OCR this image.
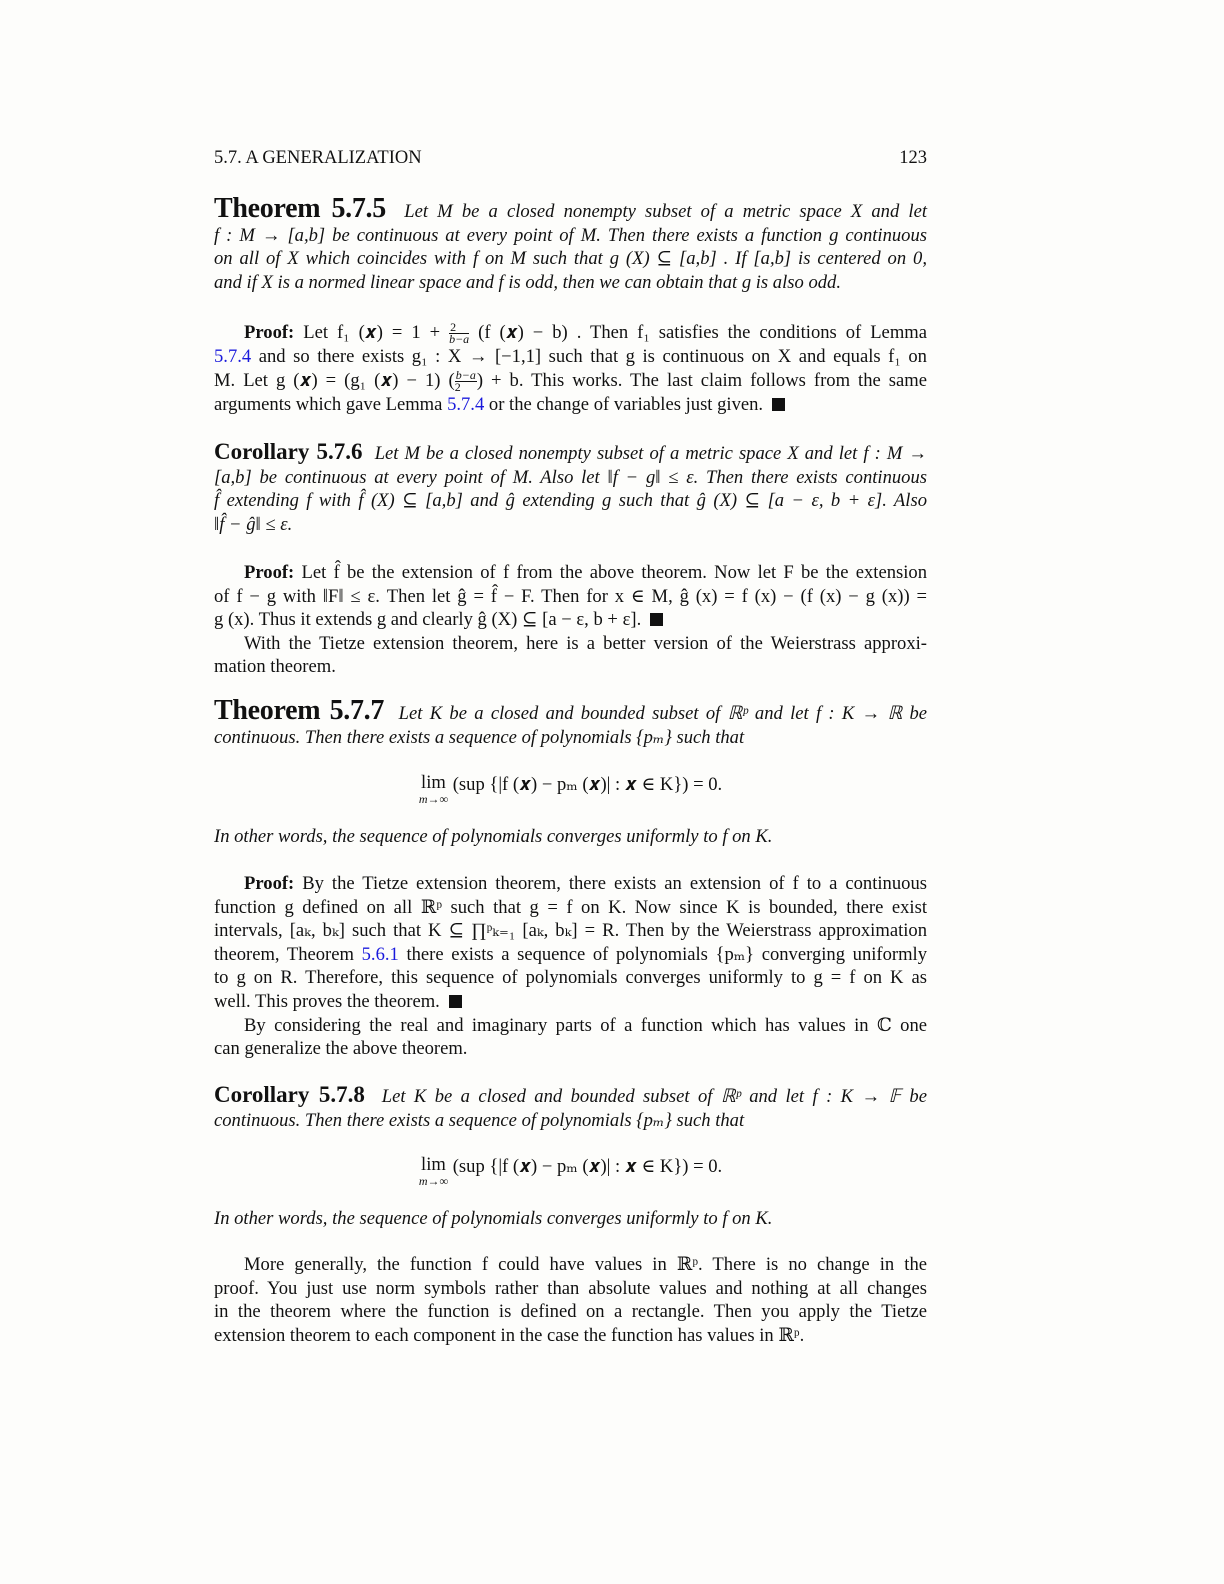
5.7. A GENERALIZATION	123
Theorem 5.7.5 Let M be a closed nonempty subset of a metric space X and let
f : M → [a,b] be continuous at every point of M. Then there exists a function g continuous
on all of X which coincides with f on M such that g (X) ⊆ [a,b] . If [a,b] is centered on 0,
and if X is a normed linear space and f is odd, then we can obtain that g is also odd.
Proof: Let f₁ (𝒙) = $1 + \frac{2}{b-a} (f$ (𝒙) − b) . Then f₁ satisfies the conditions of Lemma
5.7.4 and so there exists g₁ : X → [−1,1] such that g is continuous on X and equals f₁ on
M. Let g (𝒙) = (g₁ (𝒙) − 1) ( $\frac{b-a}{2}$ ) + b. This works. The last claim follows from the same
arguments which gave Lemma 5.7.4 or the change of variables just given.
Corollary 5.7.6 Let M be a closed nonempty subset of a metric space X and let f : M →
[a,b] be continuous at every point of M. Also let ‖f − g‖ ≤ ε. Then there exists continuous
f̂ extending f with f̂ (X) ⊆ [a,b] and ĝ extending g such that ĝ (X) ⊆ [a − ε, b + ε]. Also
‖f̂ − ĝ‖ ≤ ε.
Proof: Let f̂ be the extension of f from the above theorem. Now let F be the extension
of f − g with ‖F‖ ≤ ε. Then let ĝ = f̂ − F. Then for x ∈ M, ĝ (x) = f (x) − (f (x) − g (x)) =
g (x). Thus it extends g and clearly ĝ (X) ⊆ [a − ε, b + ε].
With the Tietze extension theorem, here is a better version of the Weierstrass approxi-
mation theorem.
Theorem 5.7.7 Let K be a closed and bounded subset of ℝᵖ and let f : K → ℝ be
continuous. Then there exists a sequence of polynomials {pₘ} such that
lim
m→∞
(sup {|f (𝒙) − pₘ (𝒙)| : 𝒙 ∈ K}) = 0.
In other words, the sequence of polynomials converges uniformly to f on K.
Proof: By the Tietze extension theorem, there exists an extension of f to a continuous
function g defined on all ℝᵖ such that g = f on K. Now since K is bounded, there exist
intervals, [aₖ, bₖ] such that K ⊆ ∏ᵖₖ₌₁ [aₖ, bₖ] = R. Then by the Weierstrass approximation
theorem, Theorem 5.6.1 there exists a sequence of polynomials {pₘ} converging uniformly
to g on R. Therefore, this sequence of polynomials converges uniformly to g = f on K as
well. This proves the theorem.
By considering the real and imaginary parts of a function which has values in ℂ one
can generalize the above theorem.
Corollary 5.7.8 Let K be a closed and bounded subset of ℝᵖ and let f : K → 𝔽 be
continuous. Then there exists a sequence of polynomials {pₘ} such that
lim
m→∞
(sup {|f (𝒙) − pₘ (𝒙)| : 𝒙 ∈ K}) = 0.
In other words, the sequence of polynomials converges uniformly to f on K.
More generally, the function f could have values in ℝᵖ. There is no change in the
proof. You just use norm symbols rather than absolute values and nothing at all changes
in the theorem where the function is defined on a rectangle. Then you apply the Tietze
extension theorem to each component in the case the function has values in ℝᵖ.
